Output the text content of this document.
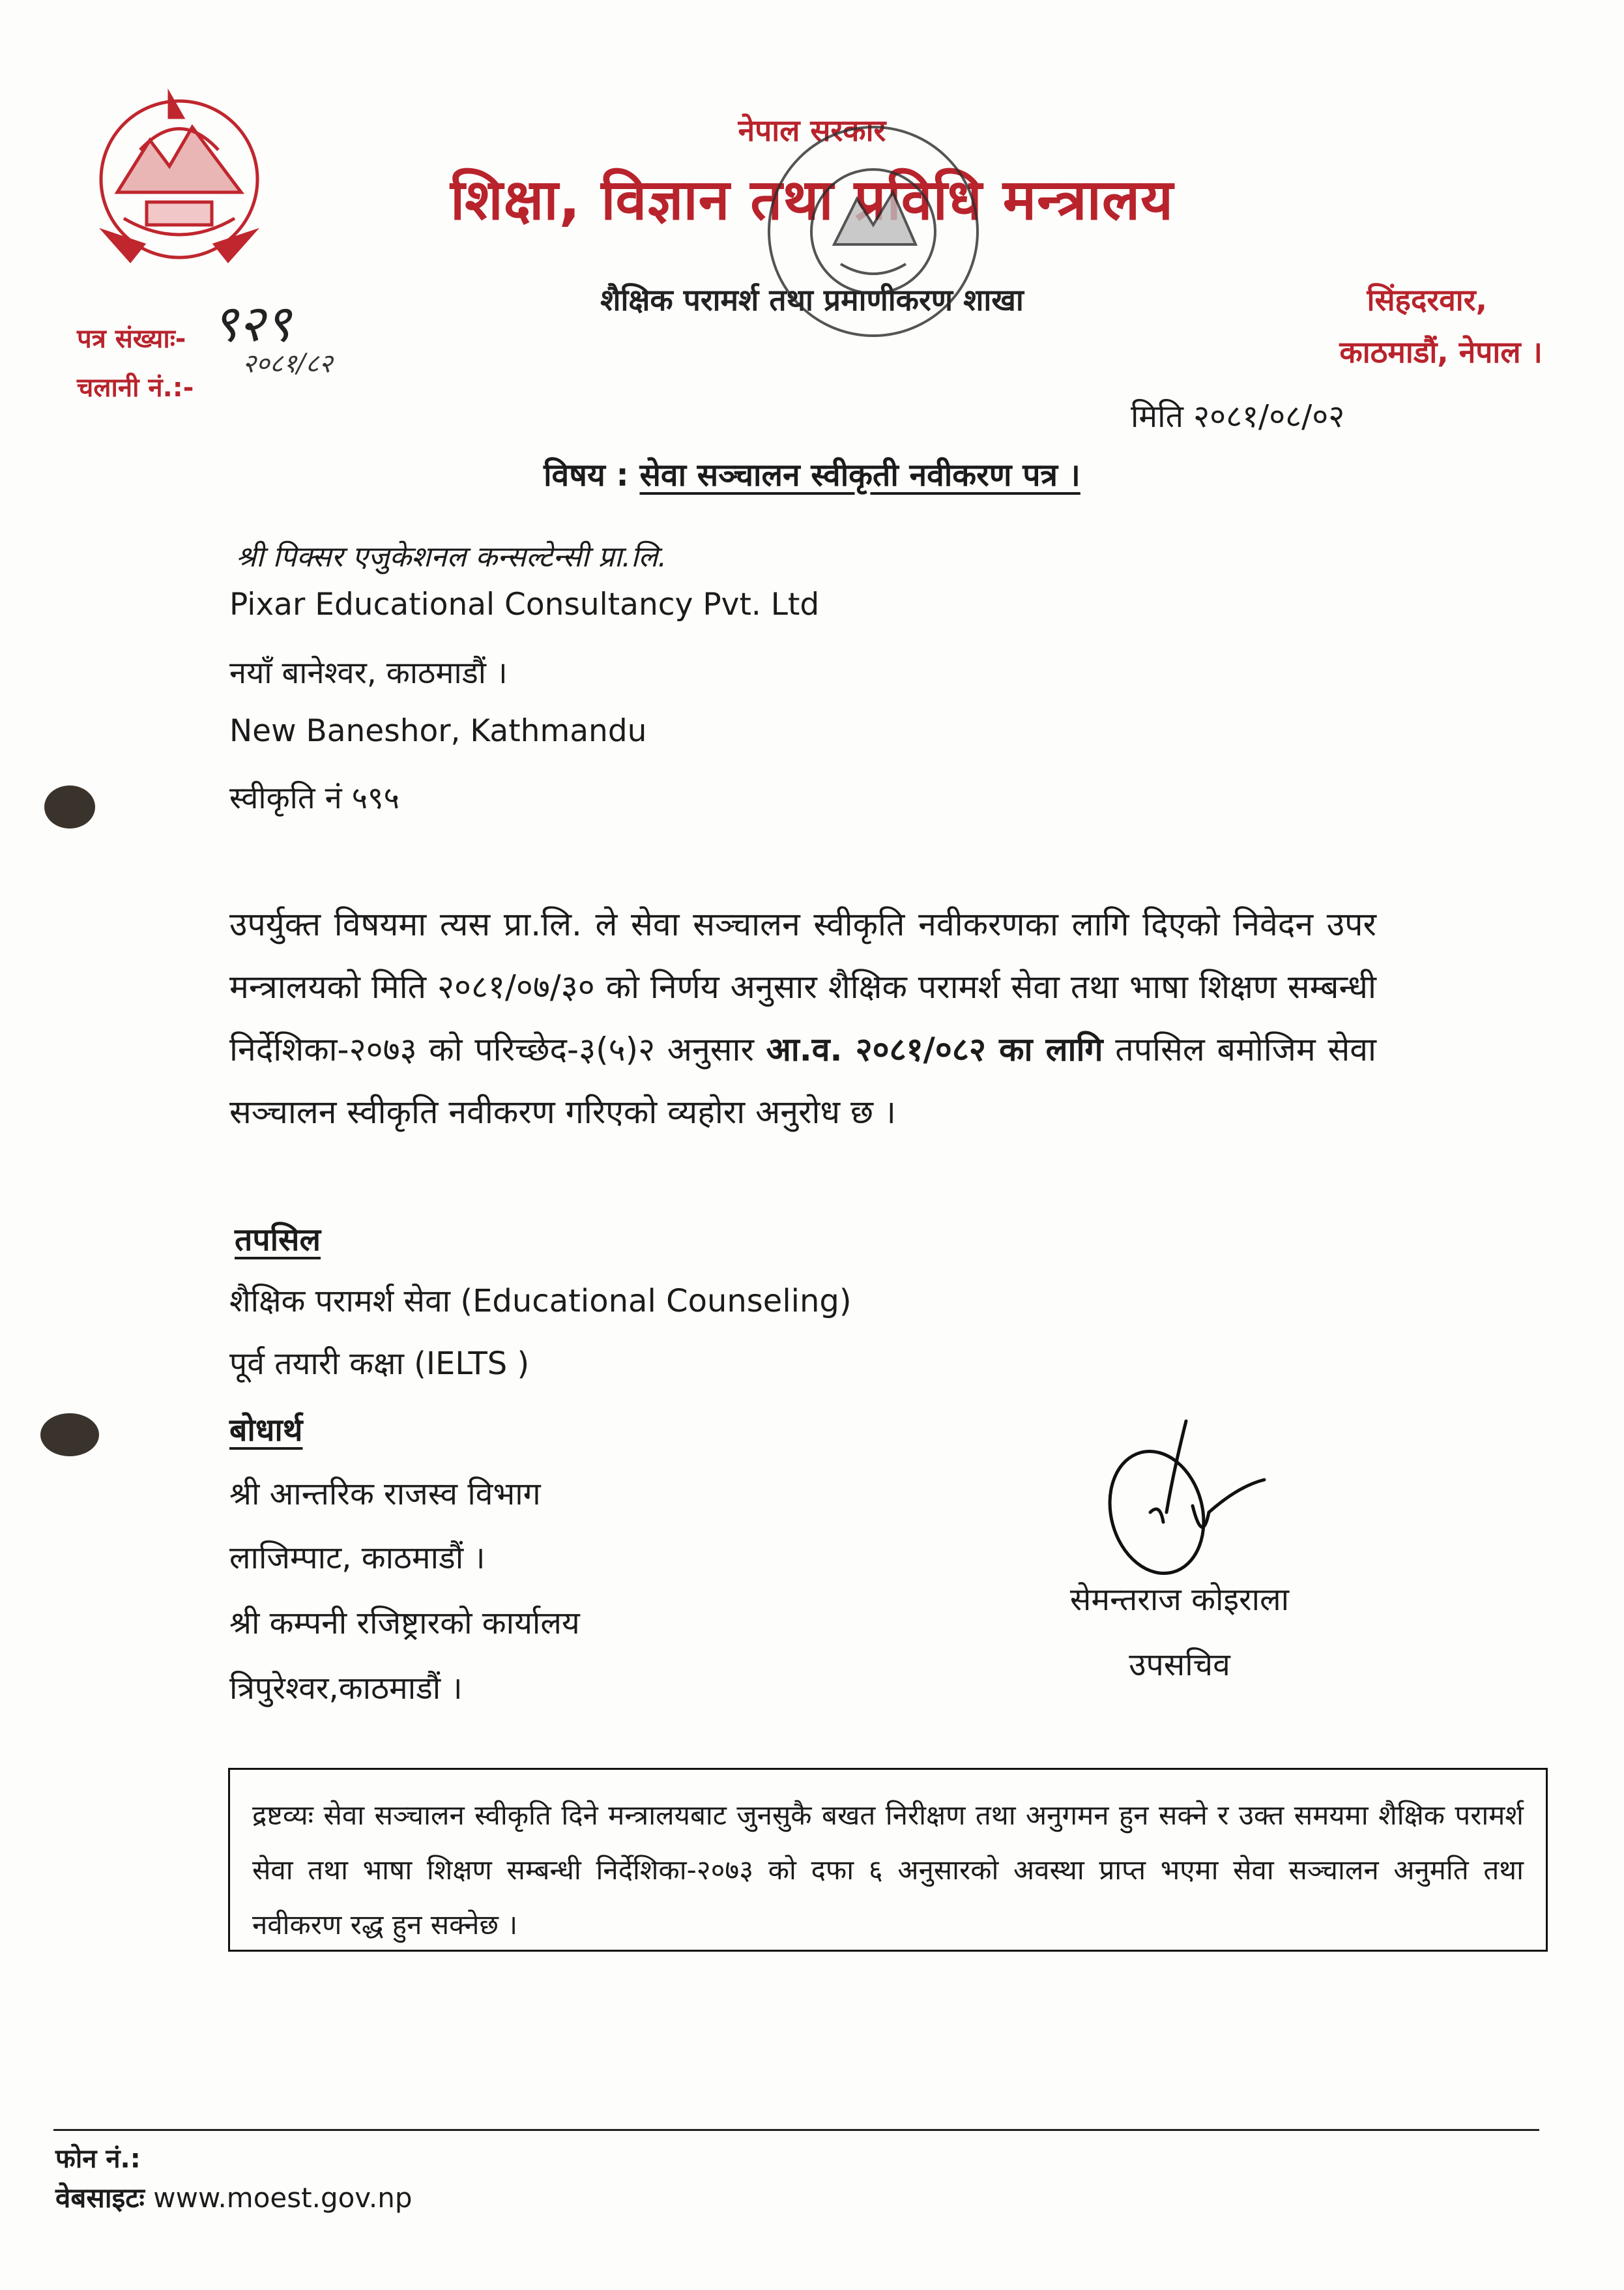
नेपाल सरकार
शिक्षा, विज्ञान तथा प्रविधि मन्त्रालय
शैक्षिक परामर्श तथा प्रमाणीकरण शाखा	सिंहदरवार,
काठमाडौं, नेपाल ।
पत्र संख्याः-
चलानी नं.:-
९२९
२०८१/८२
मिति २०८१/०८/०२
विषय : सेवा सञ्चालन स्वीकृती नवीकरण पत्र ।
श्री पिक्सर एजुकेशनल कन्सल्टेन्सी प्रा.लि.
Pixar Educational Consultancy Pvt. Ltd
नयाँ बानेश्वर, काठमाडौं ।
New Baneshor, Kathmandu
स्वीकृति नं ५९५
उपर्युक्त विषयमा त्यस प्रा.लि. ले सेवा सञ्चालन स्वीकृति नवीकरणका लागि दिएको निवेदन उपर मन्त्रालयको मिति २०८१/०७/३० को निर्णय अनुसार शैक्षिक परामर्श सेवा तथा भाषा शिक्षण सम्बन्धी निर्देशिका-२०७३ को परिच्छेद-३(५)२ अनुसार आ.व. २०८१/०८२ का लागि तपसिल बमोजिम सेवा सञ्चालन स्वीकृति नवीकरण गरिएको व्यहोरा अनुरोध छ ।
तपसिल
शैक्षिक परामर्श सेवा (Educational Counseling)
पूर्व तयारी कक्षा (IELTS )
बोधार्थ
श्री आन्तरिक राजस्व विभाग
लाजिम्पाट, काठमाडौं ।
श्री कम्पनी रजिष्ट्रारको कार्यालय
त्रिपुरेश्वर,काठमाडौं ।
सेमन्तराज कोइराला
उपसचिव
द्रष्टव्यः सेवा सञ्चालन स्वीकृति दिने मन्त्रालयबाट जुनसुकै बखत निरीक्षण तथा अनुगमन हुन सक्ने र उक्त समयमा शैक्षिक परामर्श सेवा तथा भाषा शिक्षण सम्बन्धी निर्देशिका-२०७३ को दफा ६ अनुसारको अवस्था प्राप्त भएमा सेवा सञ्चालन अनुमति तथा नवीकरण रद्ध हुन सक्नेछ ।
फोन नं.:
वेबसाइटः www.moest.gov.np
